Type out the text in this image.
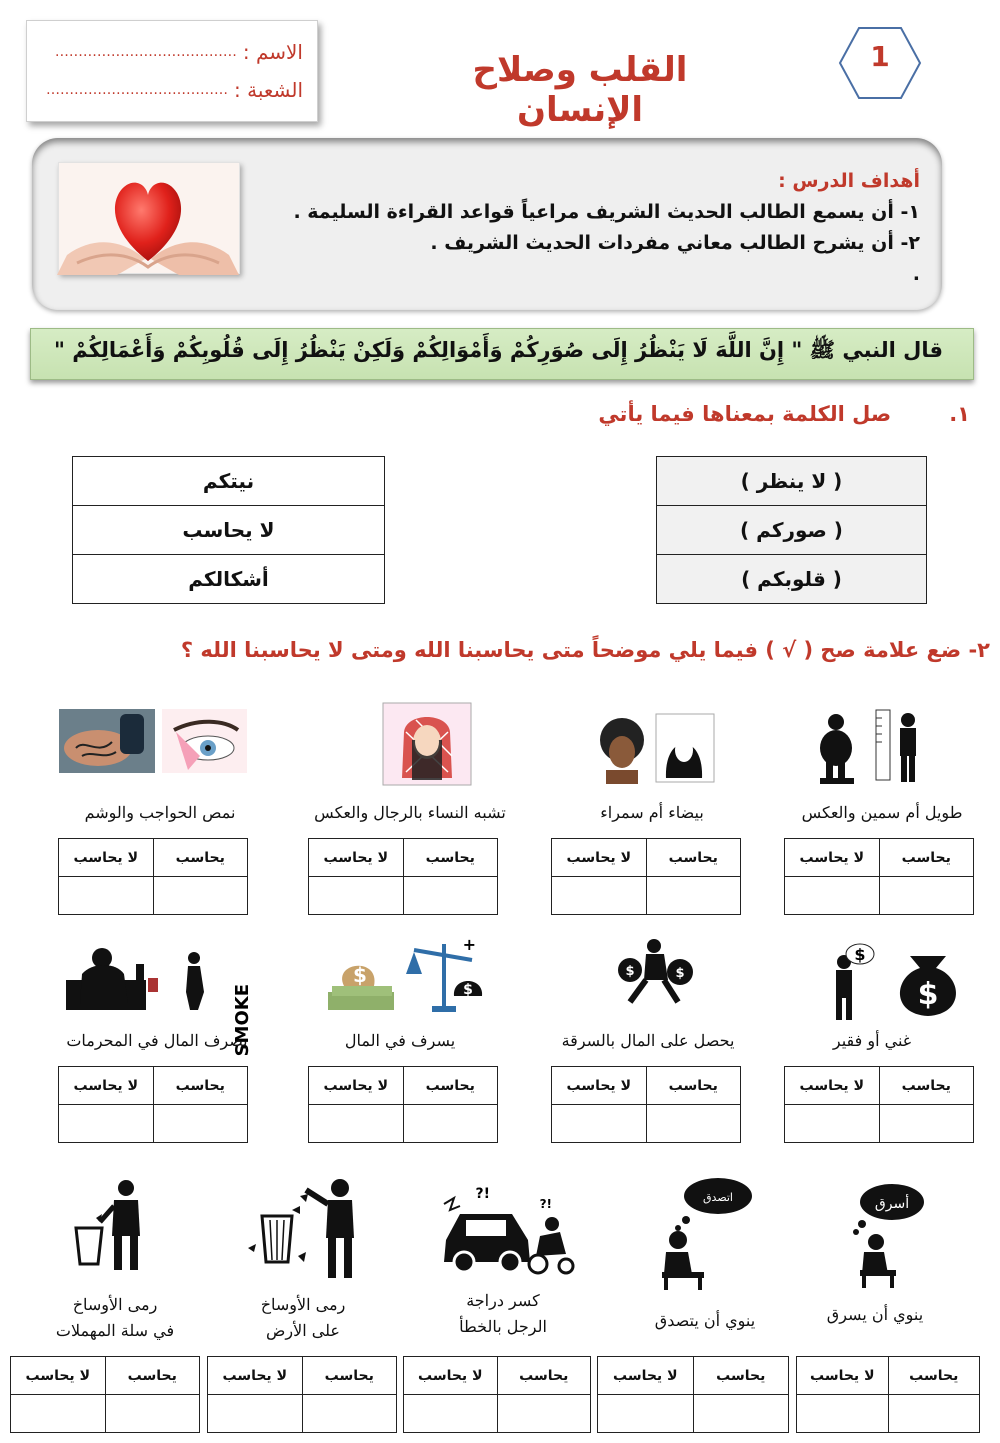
الاسم :
…………………………………
الشعبة :
…………………………………	القلب وصلاح الإنسان
1
أهداف الدرس :
١- أن يسمع الطالب الحديث الشريف مراعياً قواعد القراءة السليمة .
٢- أن يشرح الطالب معاني مفردات الحديث الشريف .
.
قال النبي ﷺ " إِنَّ اللَّهَ لَا يَنْظُرُ إِلَى صُوَرِكُمْ وَأَمْوَالِكُمْ وَلَكِنْ يَنْظُرُ إِلَى قُلُوبِكُمْ وَأَعْمَالِكُمْ "
١.صل الكلمة بمعناها فيما يأتي
( لا ينظر )
( صوركم )
( قلوبكم )
نيتكم
لا يحاسب
أشكالكم
٢- ضع علامة صح ( √ ) فيما يلي موضحاً متى يحاسبنا الله ومتى لا يحاسبنا الله ؟
طويل أم سمين والعكس
بيضاء أم سمراء
تشبه النساء بالرجال والعكس
نمص الحواجب والوشم
يحاسب	لا يحاسب

يحاسب	لا يحاسب

يحاسب	لا يحاسب

يحاسب	لا يحاسب

$
$
$	$
$
$
+
SMOKE	غني أو فقير
يحصل على المال بالسرقة
يسرف في المال
يصرف المال في المحرمات
يحاسب	لا يحاسب

يحاسب	لا يحاسب

يحاسب	لا يحاسب

يحاسب	لا يحاسب

أسرق
اتصدق
!?
!?
ينوي أن يسرق
ينوي أن يتصدق
كسر دراجة
الرجل بالخطأ
رمى الأوساخ
على الأرض
رمى الأوساخ
في سلة المهملات
يحاسب	لا يحاسب

يحاسب	لا يحاسب

يحاسب	لا يحاسب

يحاسب	لا يحاسب

يحاسب	لا يحاسب
